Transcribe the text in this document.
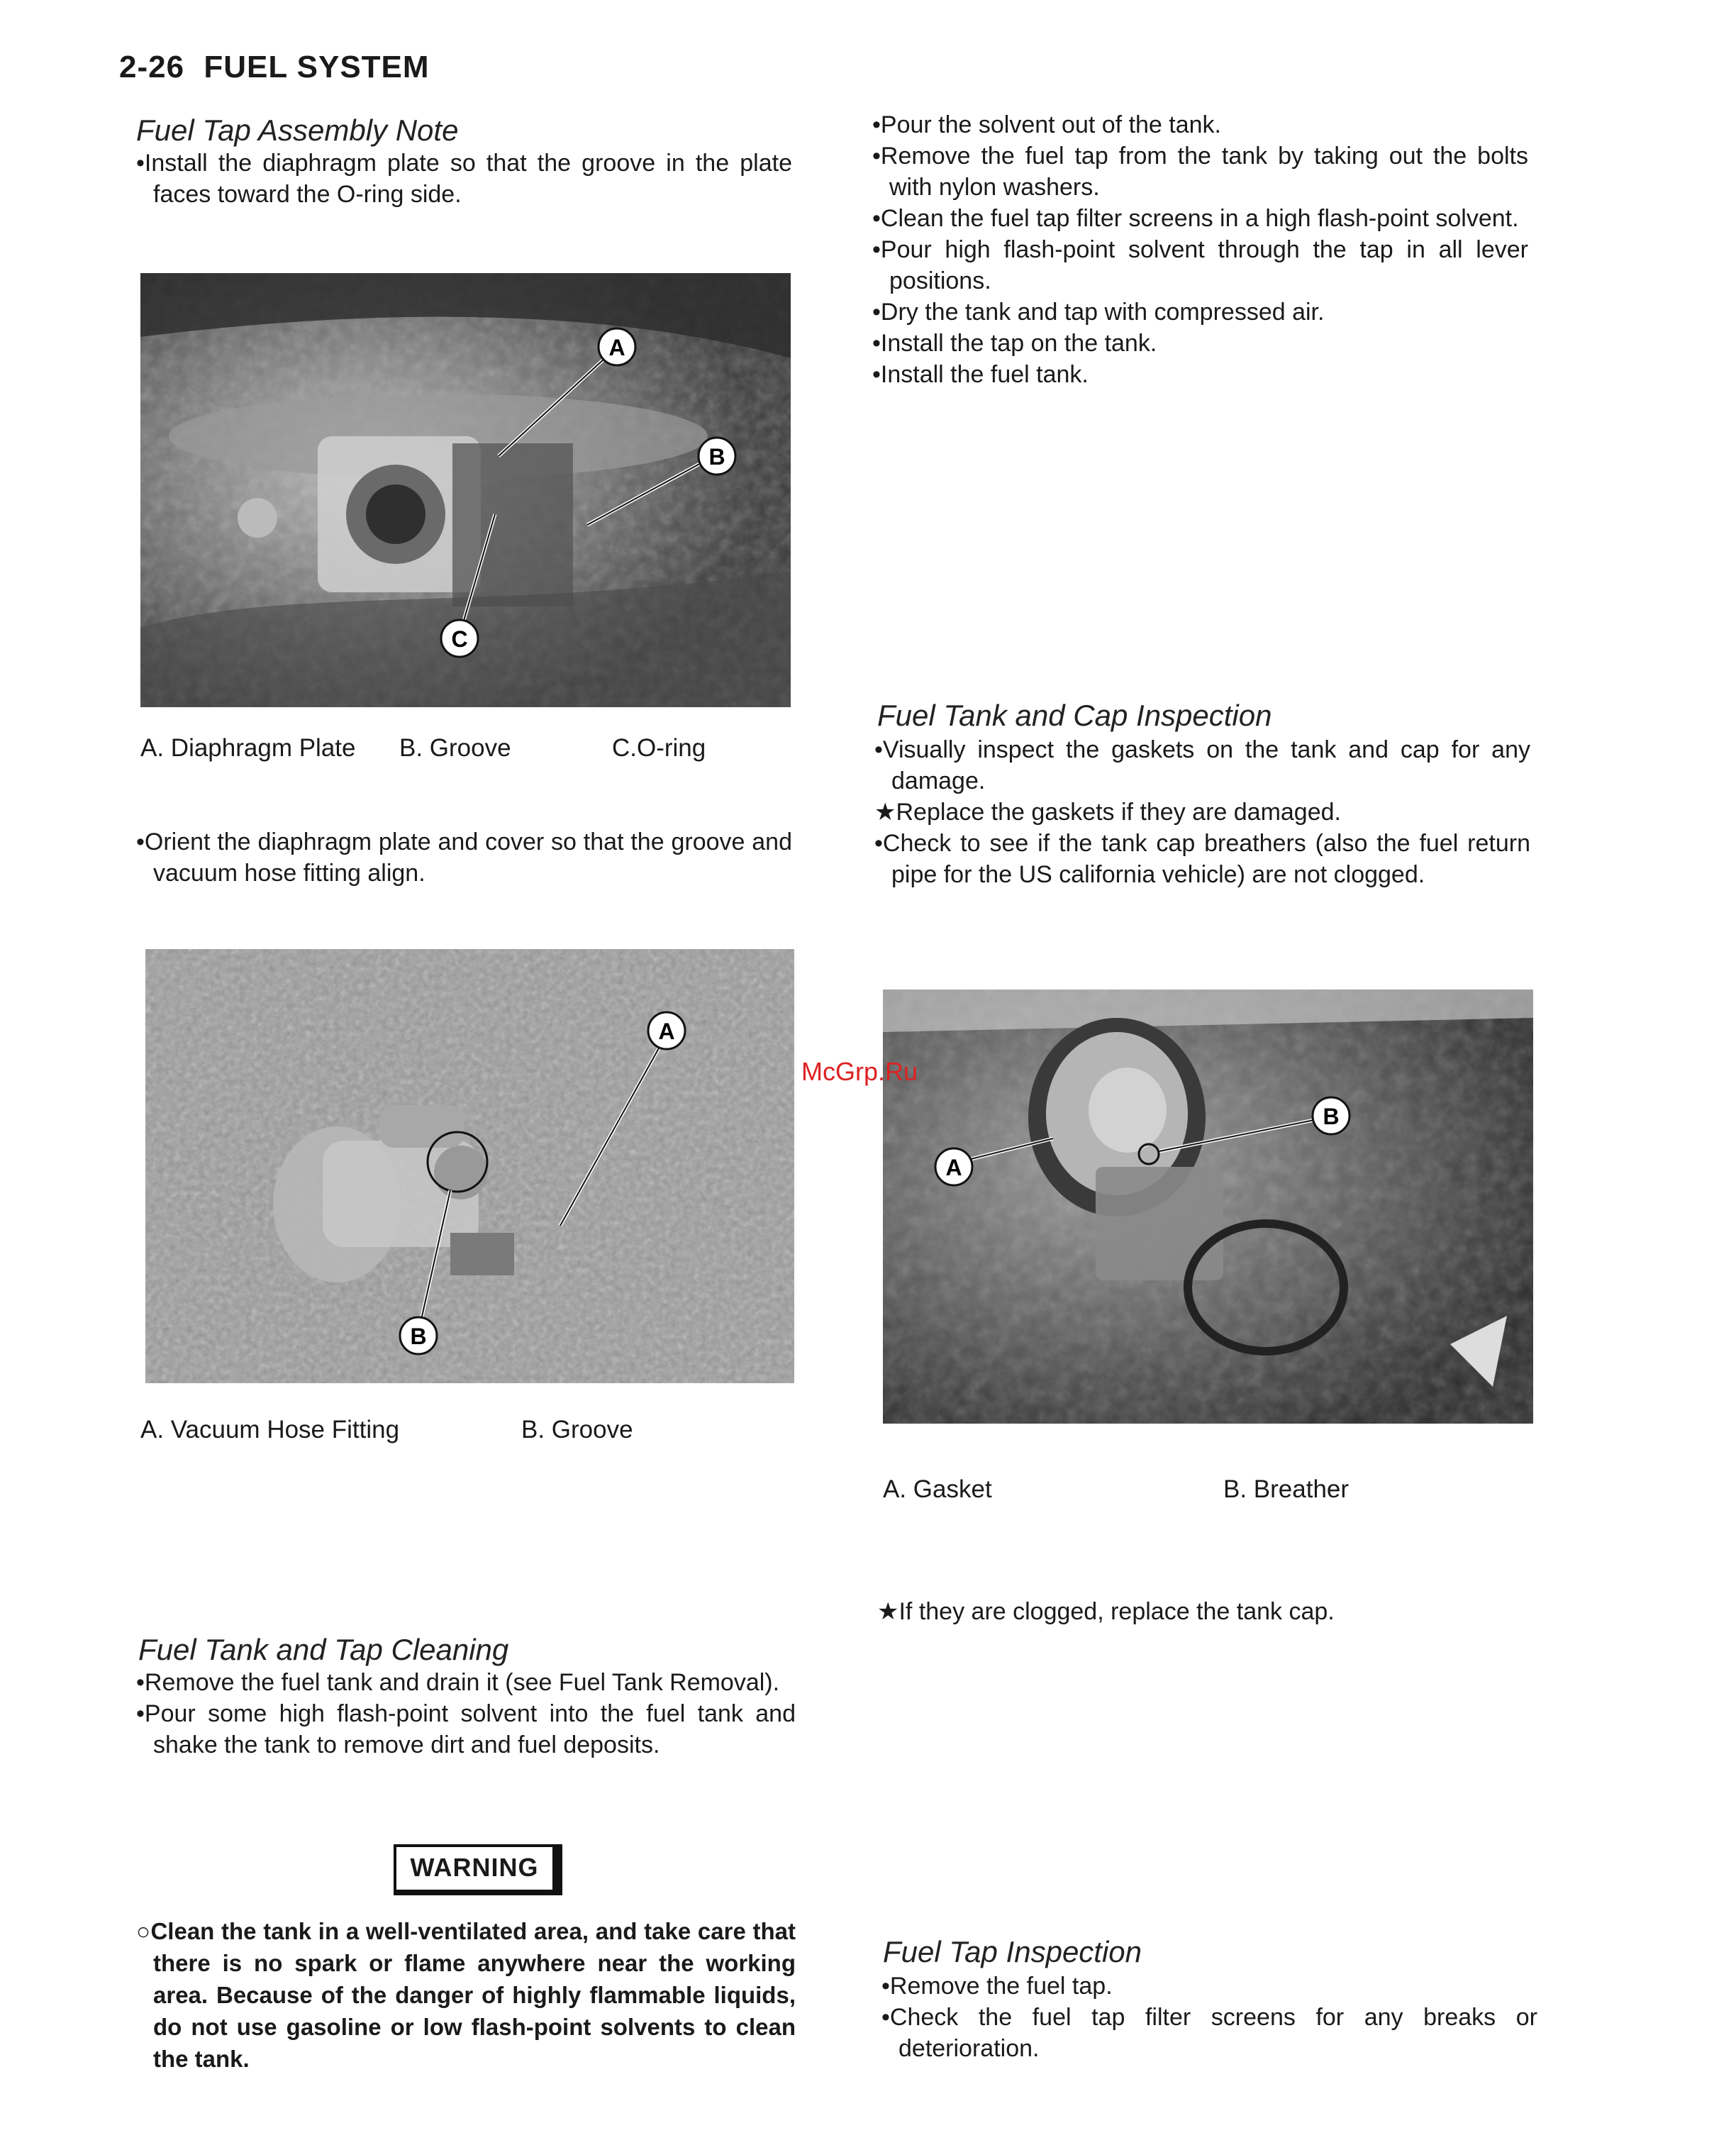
2-26 FUEL SYSTEM
Fuel Tap Assembly Note

•Install the diaphragm plate so that the groove in the plate faces toward the O-ring side.

A
B
C
A. Diaphragm Plate B. Groove	C.O-ring

•Orient the diaphragm plate and cover so that the groove and vacuum hose fitting align.

A
B
A. Vacuum Hose Fitting	B. Groove
Fuel Tank and Tap Cleaning

•Remove the fuel tank and drain it (see Fuel Tank Removal).

•Pour some high flash-point solvent into the fuel tank and shake the tank to remove dirt and fuel deposits.

WARNING

○Clean the tank in a well-ventilated area, and take care that there is no spark or flame anywhere near the working area. Because of the danger of highly flammable liquids, do not use gasoline or low flash-point solvents to clean the tank.

•Pour the solvent out of the tank.

•Remove the fuel tap from the tank by taking out the bolts with nylon washers.

•Clean the fuel tap filter screens in a high flash-point solvent.

•Pour high flash-point solvent through the tap in all lever positions.

•Dry the tank and tap with compressed air.

•Install the tap on the tank.

•Install the fuel tank.

Fuel Tank and Cap Inspection

•Visually inspect the gaskets on the tank and cap for any damage.

★Replace the gaskets if they are damaged.

•Check to see if the tank cap breathers (also the fuel return pipe for the US california vehicle) are not clogged.

A
B
A. Gasket	B. Breather

★If they are clogged, replace the tank cap.

Fuel Tap Inspection

•Remove the fuel tap.

•Check the fuel tap filter screens for any breaks or deterioration.

McGrp.Ru
